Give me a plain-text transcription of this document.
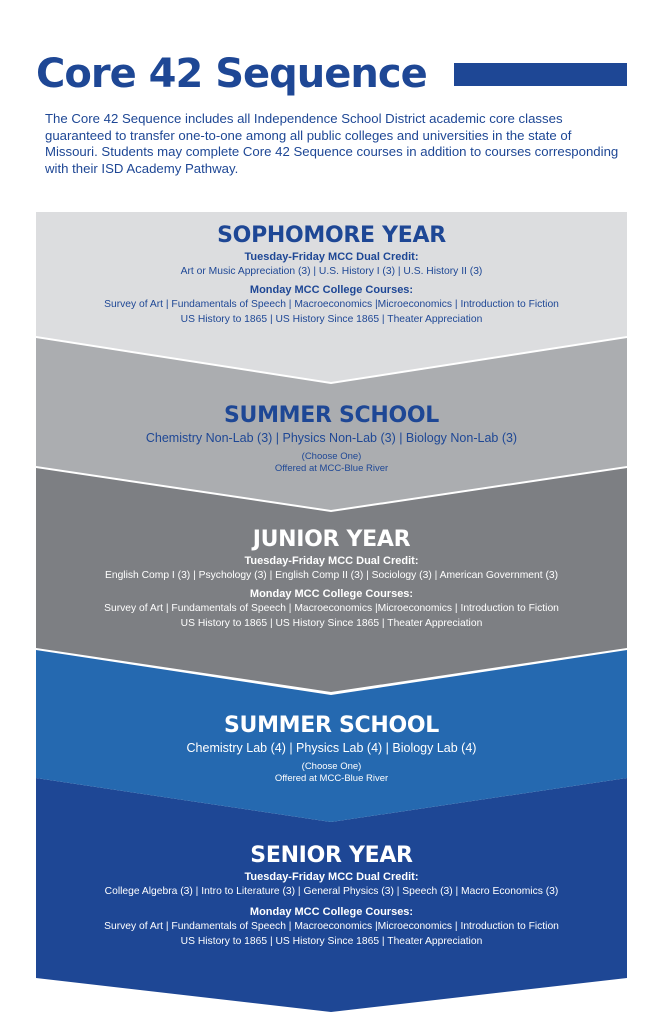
Core 42 Sequence

The Core 42 Sequence includes all Independence School District academic core classes guaranteed to transfer one-to-one among all public colleges and universities in the state of Missouri. Students may complete Core 42 Sequence courses in addition to courses corresponding with their ISD Academy Pathway.

SOPHOMORE YEAR

Tuesday-Friday MCC Dual Credit:

Art or Music Appreciation (3) | U.S. History I (3) | U.S. History II (3)

Monday MCC College Courses:

Survey of Art | Fundamentals of Speech | Macroeconomics |Microeconomics | Introduction to Fiction

US History to 1865 | US History Since 1865 | Theater Appreciation

SUMMER SCHOOL

Chemistry Non-Lab (3) | Physics Non-Lab (3) | Biology Non-Lab (3)

(Choose One)

Offered at MCC-Blue River

JUNIOR YEAR

Tuesday-Friday MCC Dual Credit:

English Comp I (3) | Psychology (3) | English Comp II (3) | Sociology (3) | American Government (3)

Monday MCC College Courses:

Survey of Art | Fundamentals of Speech | Macroeconomics |Microeconomics | Introduction to Fiction

US History to 1865 | US History Since 1865 | Theater Appreciation

SUMMER SCHOOL

Chemistry Lab (4) | Physics Lab (4) | Biology Lab (4)

(Choose One)

Offered at MCC-Blue River

SENIOR YEAR

Tuesday-Friday MCC Dual Credit:

College Algebra (3) | Intro to Literature (3) | General Physics (3) | Speech (3) | Macro Economics (3)

Monday MCC College Courses:

Survey of Art | Fundamentals of Speech | Macroeconomics |Microeconomics | Introduction to Fiction

US History to 1865 | US History Since 1865 | Theater Appreciation
